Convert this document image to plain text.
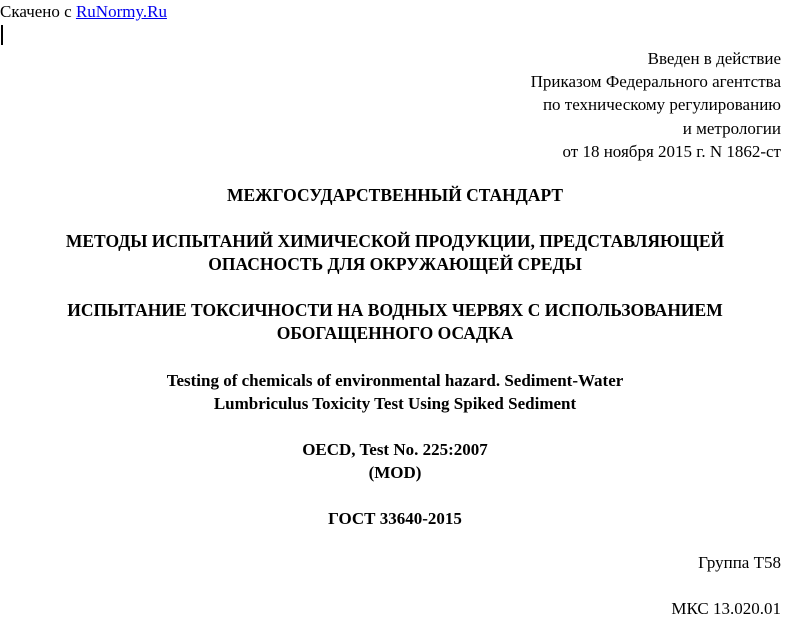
Скачено с RuNormy.Ru
Введен в действие
Приказом Федерального агентства
по техническому регулированию
и метрологии
от 18 ноября 2015 г. N 1862-ст
МЕЖГОСУДАРСТВЕННЫЙ СТАНДАРТ
МЕТОДЫ ИСПЫТАНИЙ ХИМИЧЕСКОЙ ПРОДУКЦИИ, ПРЕДСТАВЛЯЮЩЕЙ
ОПАСНОСТЬ ДЛЯ ОКРУЖАЮЩЕЙ СРЕДЫ
ИСПЫТАНИЕ ТОКСИЧНОСТИ НА ВОДНЫХ ЧЕРВЯХ С ИСПОЛЬЗОВАНИЕМ
ОБОГАЩЕННОГО ОСАДКА
Testing of chemicals of environmental hazard. Sediment-Water
Lumbriculus Toxicity Test Using Spiked Sediment
OECD, Test No. 225:2007
(MOD)
ГОСТ 33640-2015
Группа Т58
МКС 13.020.01
